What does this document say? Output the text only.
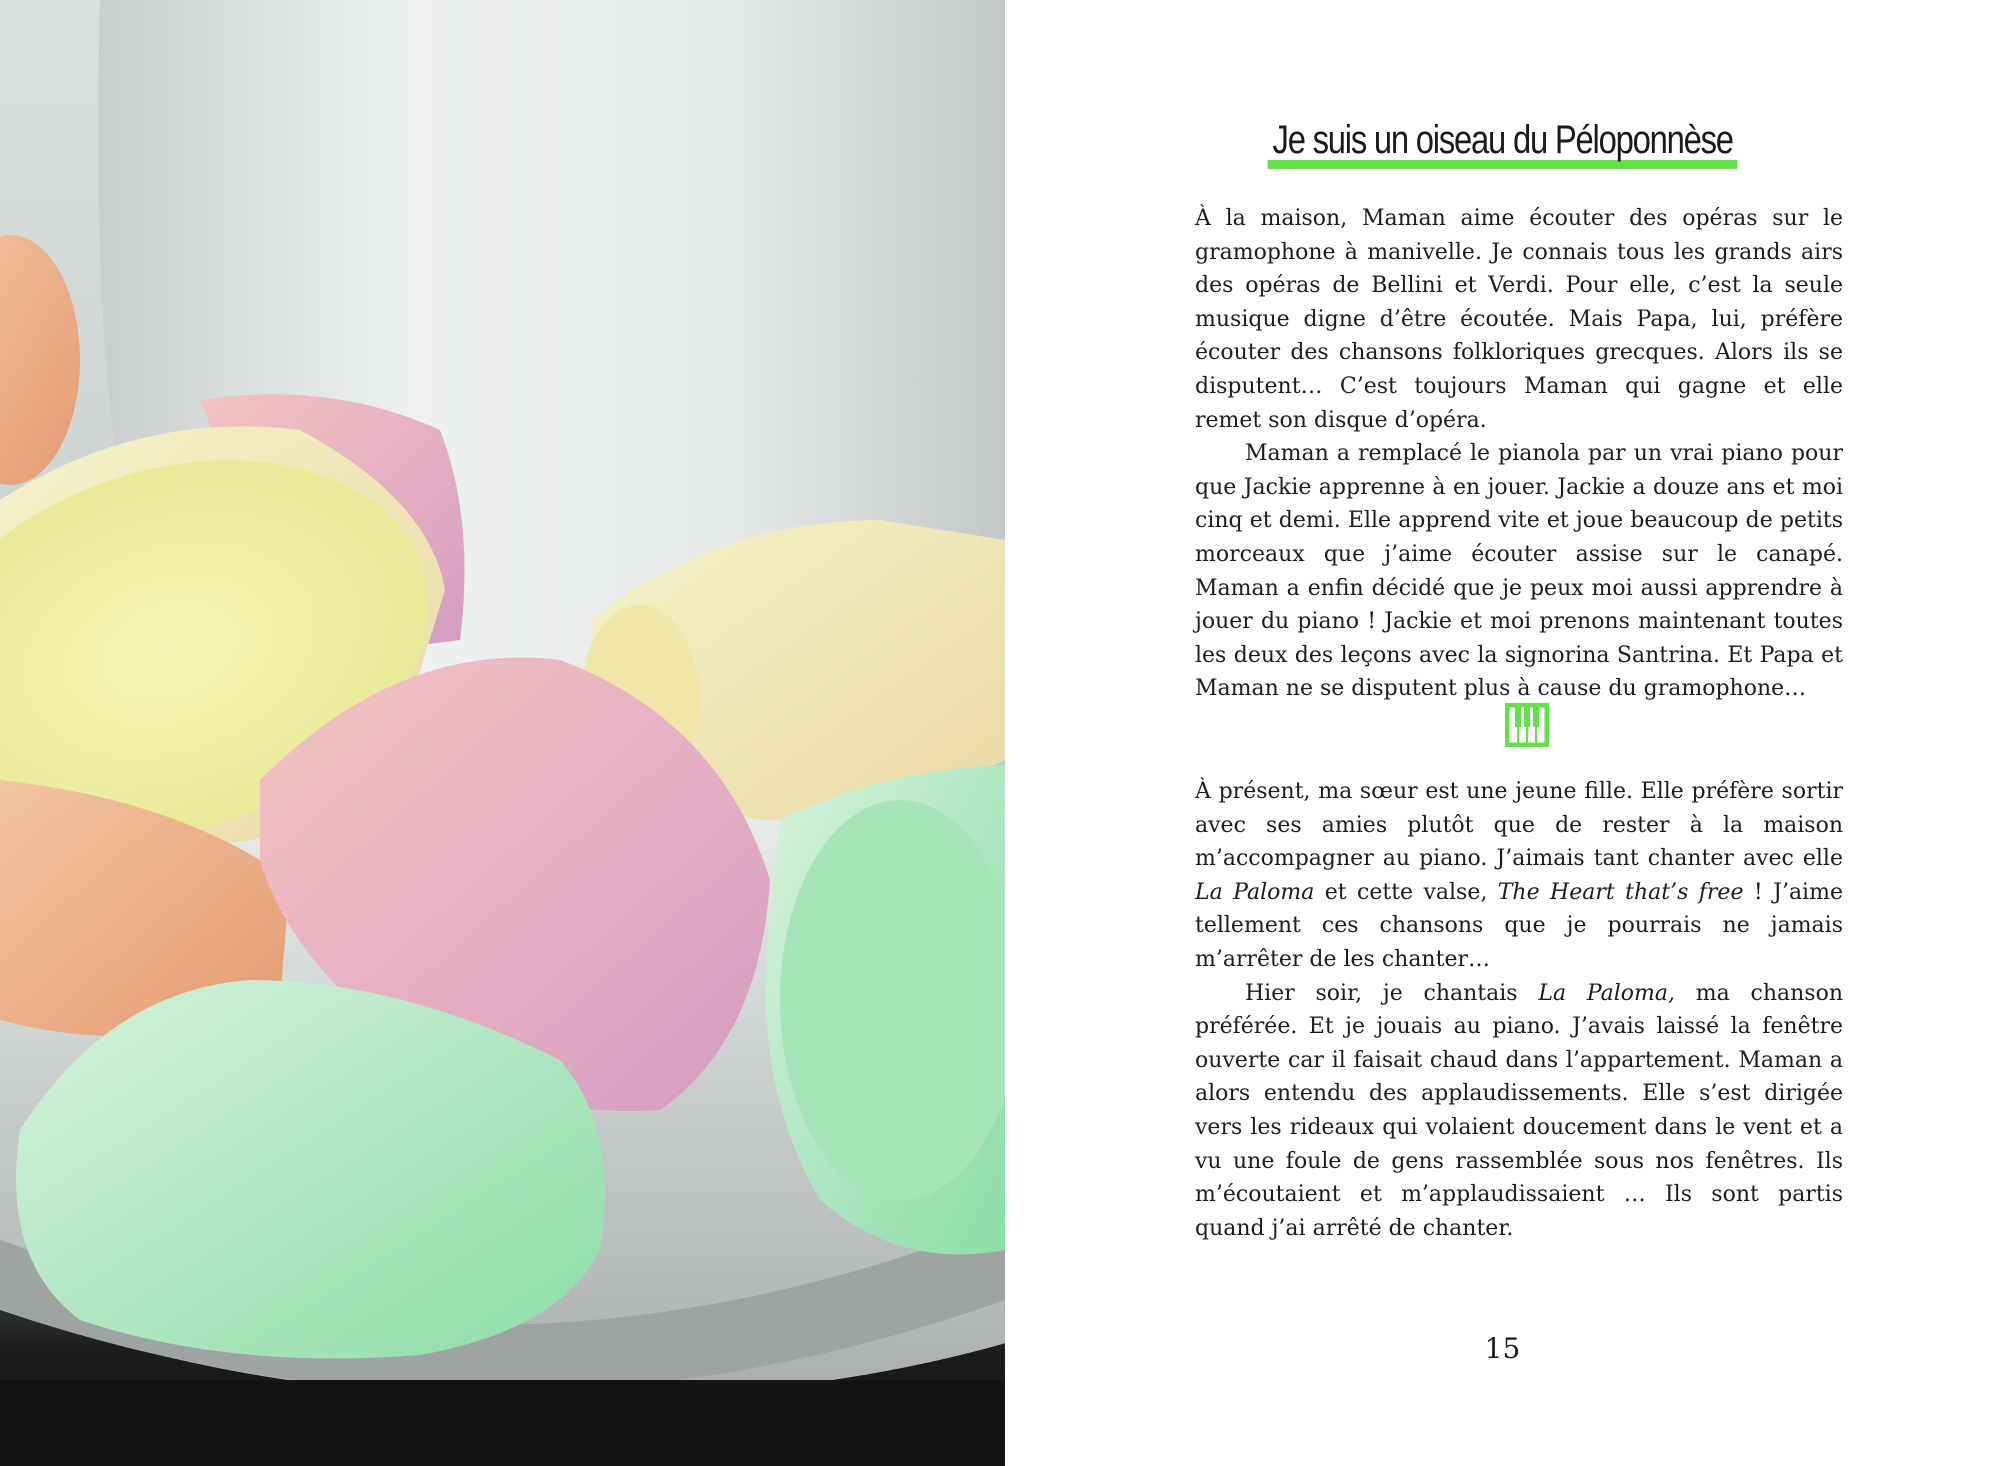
Je suis un oiseau du Péloponnèse

À la maison, Maman aime écouter des opéras sur le gramophone à manivelle. Je connais tous les grands airs des opéras de Bellini et Verdi. Pour elle, c’est la seule musique digne d’être écoutée. Mais Papa, lui, préfère écouter des chansons folkloriques grecques. Alors ils se disputent… C’est toujours Maman qui gagne et elle remet son disque d’opéra.

Maman a remplacé le pianola par un vrai piano pour que Jackie apprenne à en jouer. Jackie a douze ans et moi cinq et demi. Elle apprend vite et joue beaucoup de petits morceaux que j’aime écouter assise sur le canapé. Maman a enfin décidé que je peux moi aussi apprendre à jouer du piano ! Jackie et moi prenons maintenant toutes les deux des leçons avec la signorina Santrina. Et Papa et Maman ne se disputent plus à cause du gramophone…

À présent, ma sœur est une jeune fille. Elle préfère sortir avec ses amies plutôt que de rester à la maison m’accompagner au piano. J’aimais tant chanter avec elle La Paloma et cette valse, The Heart that’s free ! J’aime tellement ces chansons que je pourrais ne jamais m’arrêter de les chanter…

Hier soir, je chantais La Paloma, ma chanson préférée. Et je jouais au piano. J’avais laissé la fenêtre ouverte car il faisait chaud dans l’appartement. Maman a alors entendu des applaudissements. Elle s’est dirigée vers les rideaux qui volaient doucement dans le vent et a vu une foule de gens rassemblée sous nos fenêtres. Ils m’écoutaient et m’applaudissaient … Ils sont partis quand j’ai arrêté de chanter.

15
